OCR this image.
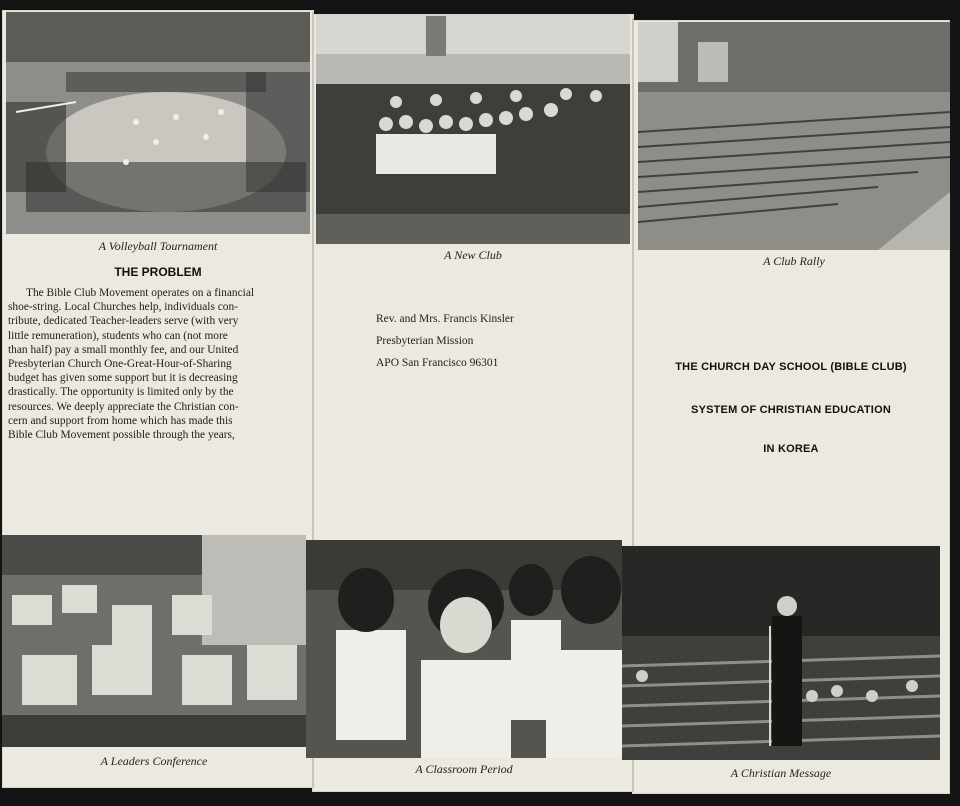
A Volleyball Tournament
A New Club	A Club Rally
THE PROBLEM
The Bible Club Movement operates on a financial
shoe-string. Local Churches help, individuals con-
tribute, dedicated Teacher-leaders serve (with very
little remuneration), students who can (not more
than half) pay a small monthly fee, and our United
Presbyterian Church One-Great-Hour-of-Sharing
budget has given some support but it is decreasing
drastically. The opportunity is limited only by the
resources. We deeply appreciate the Christian con-
cern and support from home which has made this
Bible Club Movement possible through the years,
Rev. and Mrs. Francis Kinsler
Presbyterian Mission
APO San Francisco 96301	THE CHURCH DAY SCHOOL (BIBLE CLUB)
SYSTEM OF CHRISTIAN EDUCATION
IN KOREA
A Leaders Conference
A Classroom Period	A Christian Message
